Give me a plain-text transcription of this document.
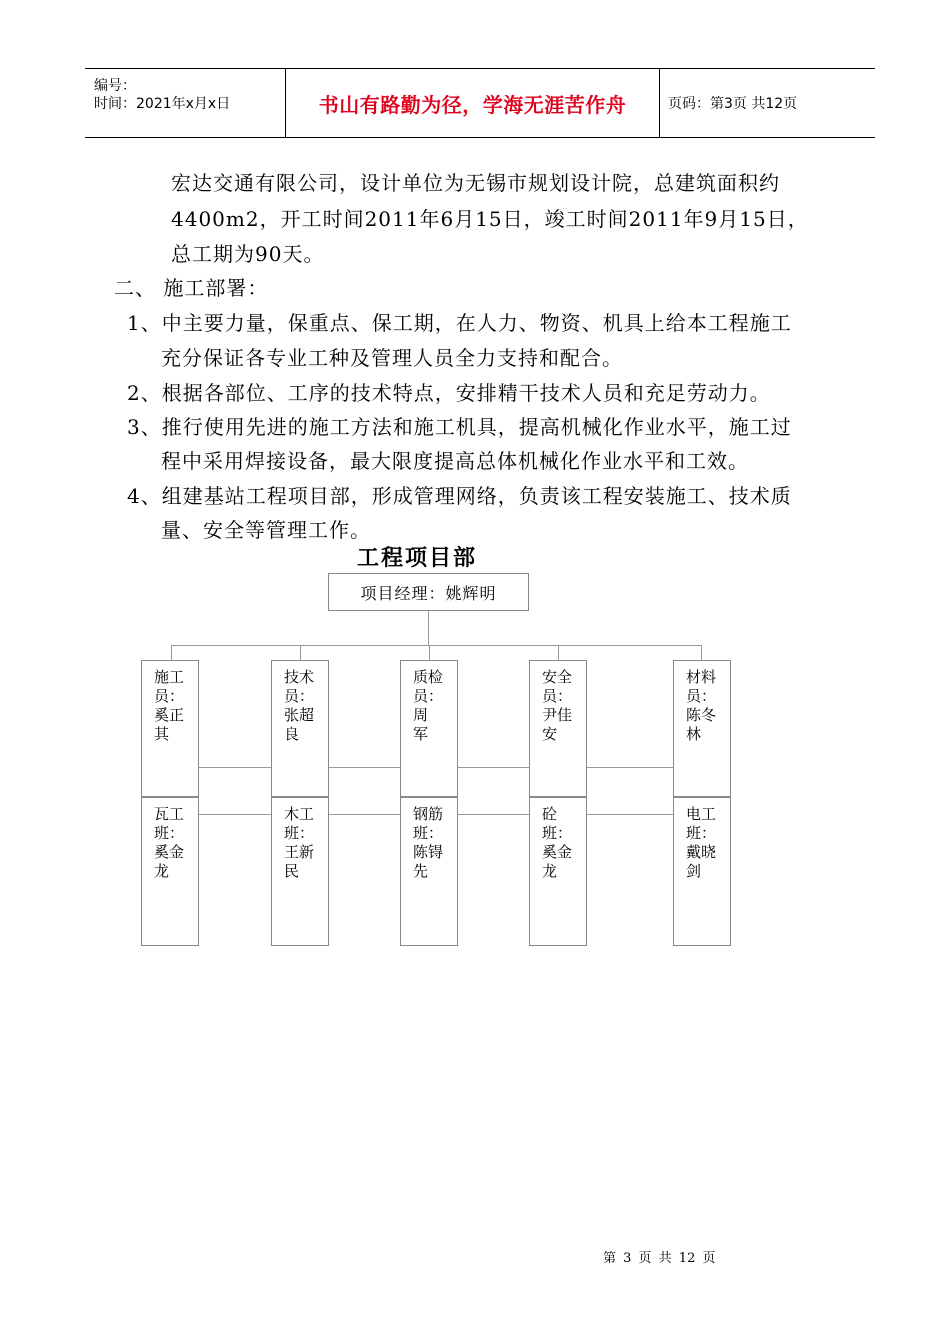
编号：
时间：2021年x月x日	书山有路勤为径，学海无涯苦作舟	页码：第3页 共12页
宏达交通有限公司，设计单位为无锡市规划设计院，总建筑面积约
4400m2，开工时间2011年6月15日，竣工时间2011年9月15日，
总工期为90天。
二、 施工部署：
1、中主要力量，保重点、保工期，在人力、物资、机具上给本工程施工
充分保证各专业工种及管理人员全力支持和配合。
2、根据各部位、工序的技术特点，安排精干技术人员和充足劳动力。
3、推行使用先进的施工方法和施工机具，提高机械化作业水平，施工过
程中采用焊接设备，最大限度提高总体机械化作业水平和工效。
4、组建基站工程项目部，形成管理网络，负责该工程安装施工、技术质
量、安全等管理工作。
工程项目部
项目经理：姚辉明
施工
员：
奚正
其
技术
员：
张超
良
质检
员：
周
军
安全
员：
尹佳
安
材料
员：
陈冬
林
瓦工
班：
奚金
龙
木工
班：
王新
民
钢筋
班：
陈锝
先
砼
班：
奚金
龙
电工
班：
戴晓
剑
第 3 页 共 12 页
